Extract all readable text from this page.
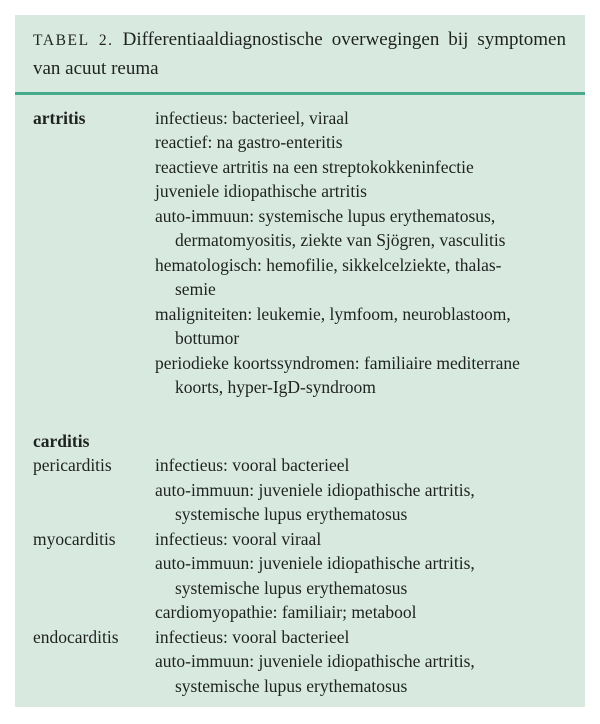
TABEL 2. Differentiaaldiagnostische overwegingen bij symptomen
van acuut reuma
artritis	infectieus: bacterieel, viraal
reactief: na gastro-enteritis
reactieve artritis na een streptokokkeninfectie
juveniele idiopathische artritis
auto-immuun: systemische lupus erythematosus,
dermatomyositis, ziekte van Sjögren, vasculitis
hematologisch: hemofilie, sikkelcelziekte, thalas-
semie
maligniteiten: leukemie, lymfoom, neuroblastoom,
bottumor
periodieke koortssyndromen: familiaire mediterrane
koorts, hyper-IgD-syndroom
carditis
pericarditis	infectieus: vooral bacterieel
auto-immuun: juveniele idiopathische artritis,
systemische lupus erythematosus
myocarditis	infectieus: vooral viraal
auto-immuun: juveniele idiopathische artritis,
systemische lupus erythematosus
cardiomyopathie: familiair; metabool
endocarditis	infectieus: vooral bacterieel
auto-immuun: juveniele idiopathische artritis,
systemische lupus erythematosus
